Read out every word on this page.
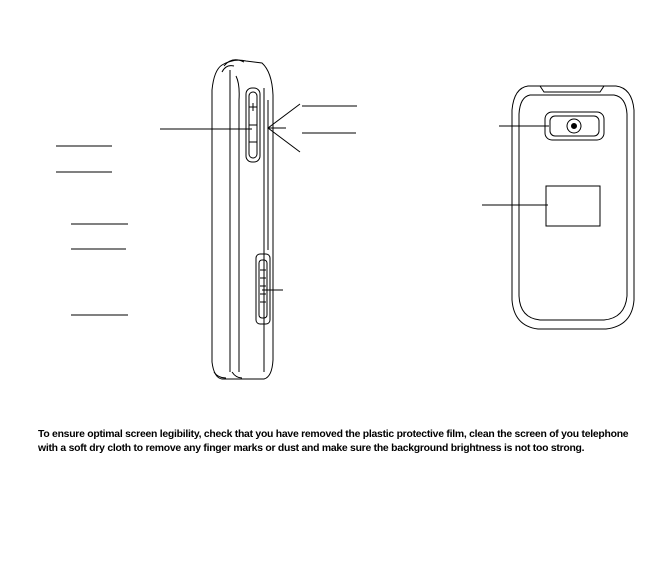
To ensure optimal screen legibility, check that you have removed the plastic protective film, clean the screen of you telephone with a soft dry cloth to remove any finger marks or dust and make sure the background brightness is not too strong.
